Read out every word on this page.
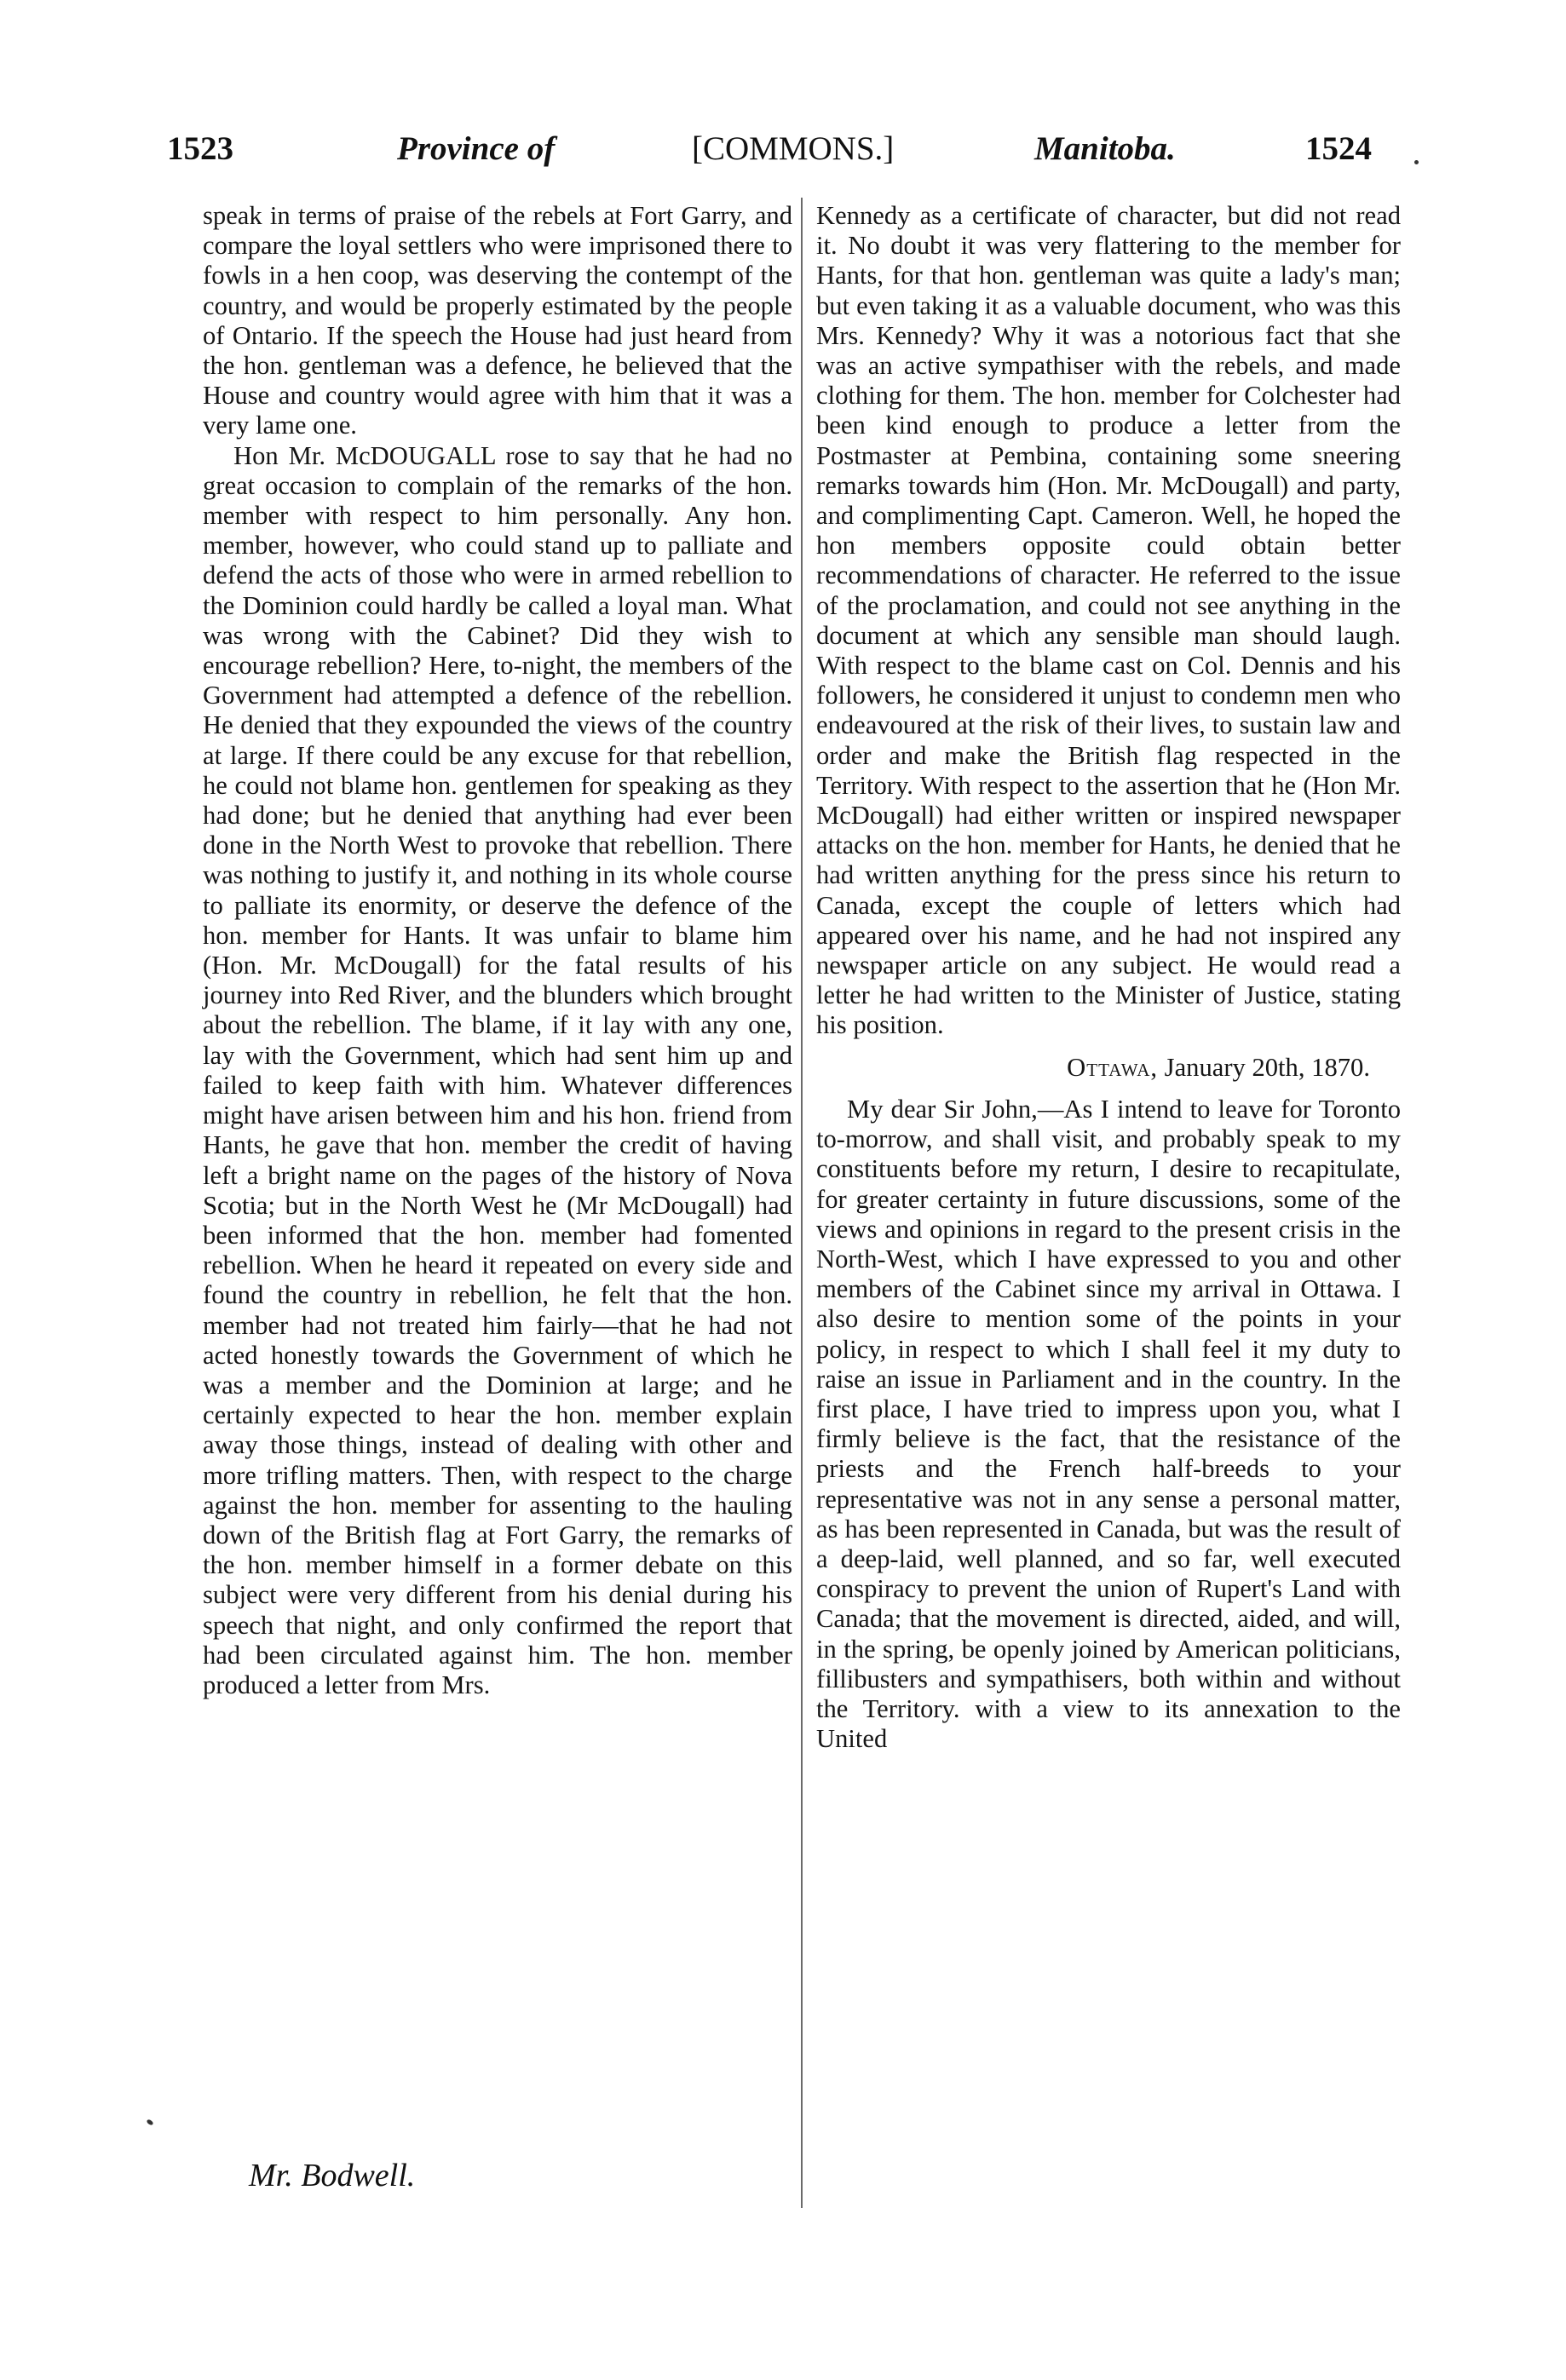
1523	Province of	[COMMONS.]	Manitoba.	1524

speak in terms of praise of the rebels at Fort Garry, and compare the loyal settlers who were imprisoned there to fowls in a hen coop, was deserving the contempt of the country, and would be properly estimated by the people of Ontario. If the speech the House had just heard from the hon. gentleman was a defence, he believed that the House and country would agree with him that it was a very lame one.

Hon Mr. McDOUGALL rose to say that he had no great occasion to complain of the remarks of the hon. member with respect to him personally. Any hon. member, however, who could stand up to palliate and defend the acts of those who were in armed rebellion to the Dominion could hardly be called a loyal man. What was wrong with the Cabinet? Did they wish to encourage rebellion? Here, to-night, the members of the Government had attempted a defence of the rebellion. He denied that they expounded the views of the country at large. If there could be any excuse for that rebellion, he could not blame hon. gentlemen for speaking as they had done; but he denied that anything had ever been done in the North West to provoke that rebellion. There was nothing to justify it, and nothing in its whole course to palliate its enormity, or deserve the defence of the hon. member for Hants. It was unfair to blame him (Hon. Mr. McDougall) for the fatal results of his journey into Red River, and the blunders which brought about the rebellion. The blame, if it lay with any one, lay with the Government, which had sent him up and failed to keep faith with him. Whatever differences might have arisen between him and his hon. friend from Hants, he gave that hon. member the credit of having left a bright name on the pages of the history of Nova Scotia; but in the North West he (Mr McDougall) had been informed that the hon. member had fomented rebellion. When he heard it repeated on every side and found the country in rebellion, he felt that the hon. member had not treated him fairly—that he had not acted honestly towards the Government of which he was a member and the Dominion at large; and he certainly expected to hear the hon. member explain away those things, instead of dealing with other and more trifling matters. Then, with respect to the charge against the hon. member for assenting to the hauling down of the British flag at Fort Garry, the remarks of the hon. member himself in a former debate on this subject were very different from his denial during his speech that night, and only confirmed the report that had been circulated against him. The hon. member produced a letter from Mrs.

Kennedy as a certificate of character, but did not read it. No doubt it was very flattering to the member for Hants, for that hon. gentleman was quite a lady's man; but even taking it as a valuable document, who was this Mrs. Kennedy? Why it was a notorious fact that she was an active sympathiser with the rebels, and made clothing for them. The hon. member for Colchester had been kind enough to produce a letter from the Postmaster at Pembina, containing some sneering remarks towards him (Hon. Mr. McDougall) and party, and complimenting Capt. Cameron. Well, he hoped the hon members opposite could obtain better recommendations of character. He referred to the issue of the proclamation, and could not see anything in the document at which any sensible man should laugh. With respect to the blame cast on Col. Dennis and his followers, he considered it unjust to condemn men who endeavoured at the risk of their lives, to sustain law and order and make the British flag respected in the Territory. With respect to the assertion that he (Hon Mr. McDougall) had either written or inspired newspaper attacks on the hon. member for Hants, he denied that he had written anything for the press since his return to Canada, except the couple of letters which had appeared over his name, and he had not inspired any newspaper article on any subject. He would read a letter he had written to the Minister of Justice, stating his position.

Ottawa, January 20th, 1870.

My dear Sir John,—As I intend to leave for Toronto to-morrow, and shall visit, and probably speak to my constituents before my return, I desire to recapitulate, for greater certainty in future discussions, some of the views and opinions in regard to the present crisis in the North-West, which I have expressed to you and other members of the Cabinet since my arrival in Ottawa. I also desire to mention some of the points in your policy, in respect to which I shall feel it my duty to raise an issue in Parliament and in the country. In the first place, I have tried to impress upon you, what I firmly believe is the fact, that the resistance of the priests and the French half-breeds to your representative was not in any sense a personal matter, as has been represented in Canada, but was the result of a deep-laid, well planned, and so far, well executed conspiracy to prevent the union of Rupert's Land with Canada; that the movement is directed, aided, and will, in the spring, be openly joined by American politicians, fillibusters and sympathisers, both within and without the Territory. with a view to its annexation to the United

Mr. Bodwell.
